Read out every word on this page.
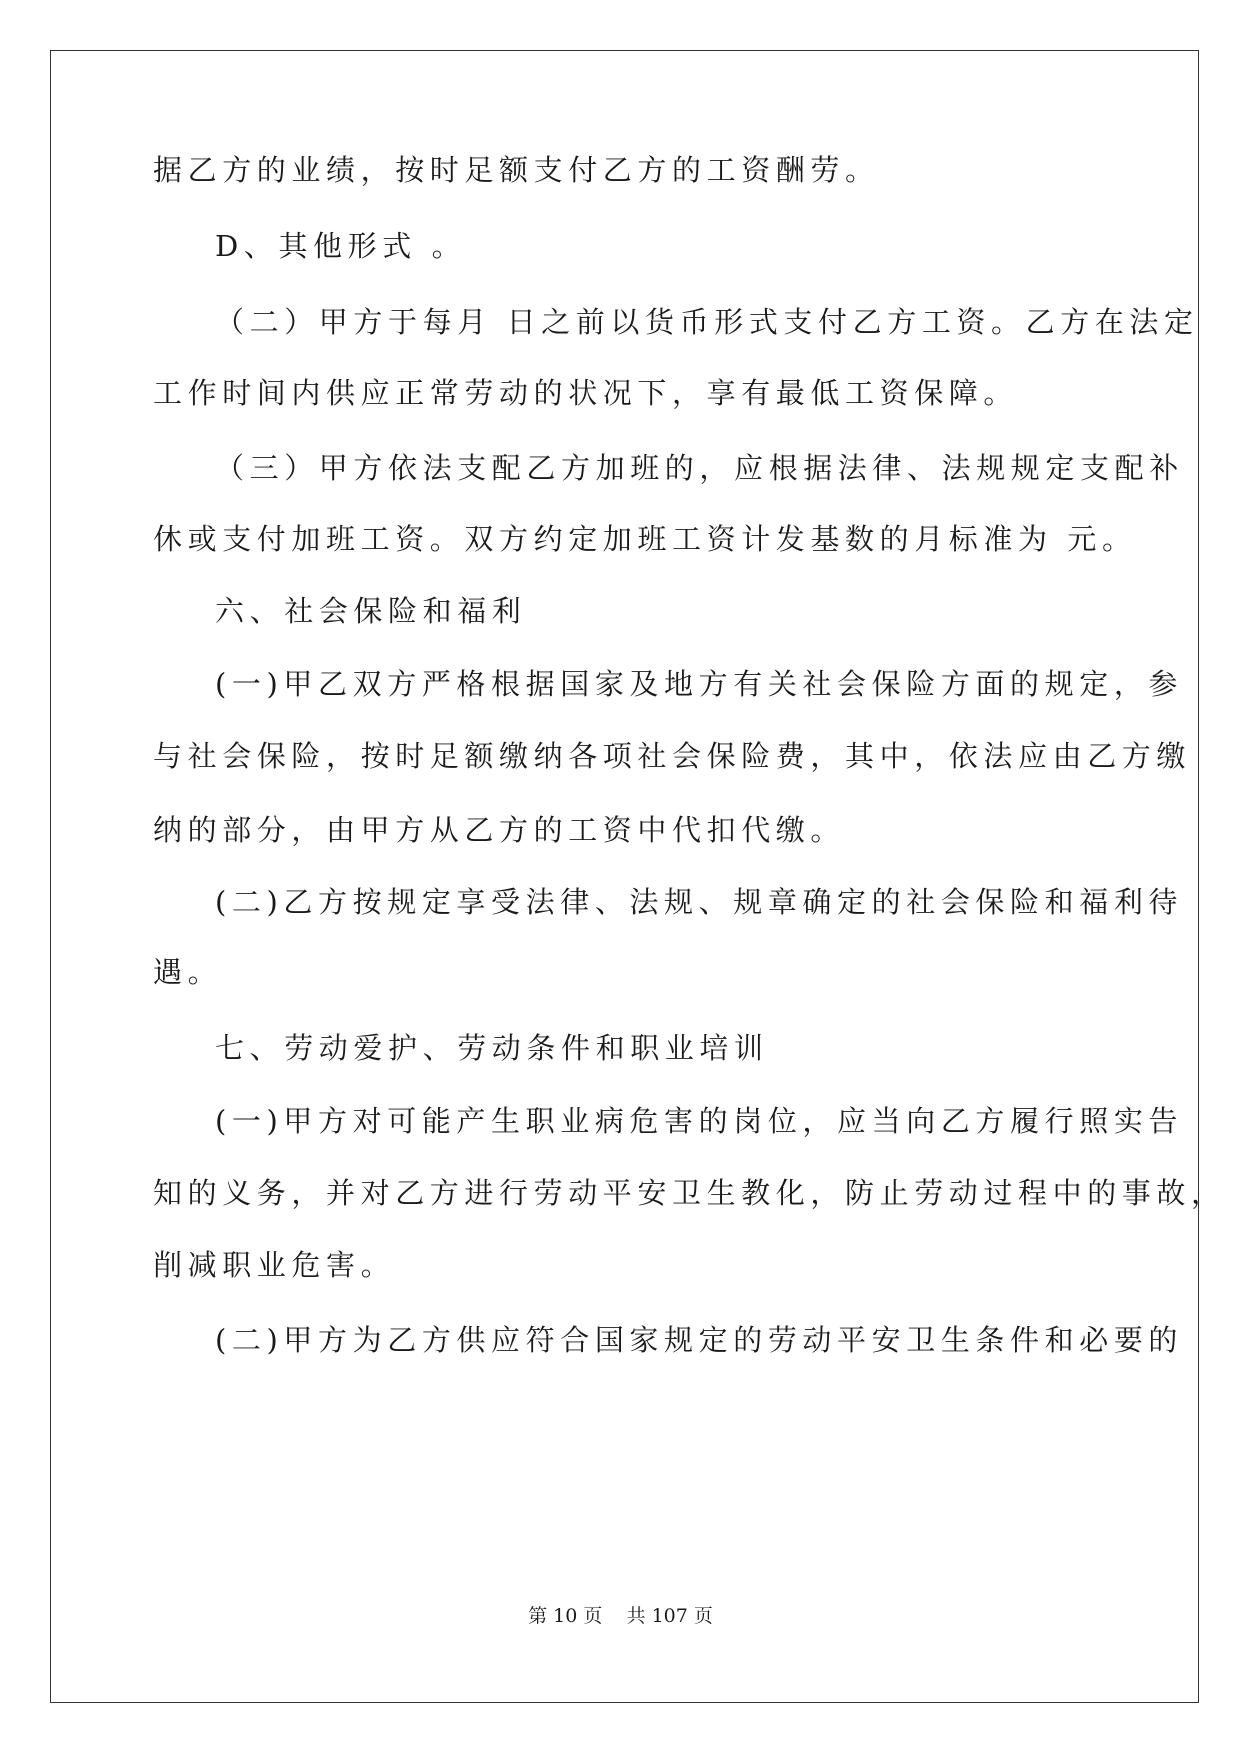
据乙方的业绩，按时足额支付乙方的工资酬劳。
D、其他形式 。
（二）甲方于每月 日之前以货币形式支付乙方工资。乙方在法定
工作时间内供应正常劳动的状况下，享有最低工资保障。
（三）甲方依法支配乙方加班的，应根据法律、法规规定支配补
休或支付加班工资。双方约定加班工资计发基数的月标准为 元。
六、社会保险和福利
(一)甲乙双方严格根据国家及地方有关社会保险方面的规定，参
与社会保险，按时足额缴纳各项社会保险费，其中，依法应由乙方缴
纳的部分，由甲方从乙方的工资中代扣代缴。
(二)乙方按规定享受法律、法规、规章确定的社会保险和福利待
遇。
七、劳动爱护、劳动条件和职业培训
(一)甲方对可能产生职业病危害的岗位，应当向乙方履行照实告
知的义务，并对乙方进行劳动平安卫生教化，防止劳动过程中的事故，
削减职业危害。
(二)甲方为乙方供应符合国家规定的劳动平安卫生条件和必要的
第 10 页    共 107 页
